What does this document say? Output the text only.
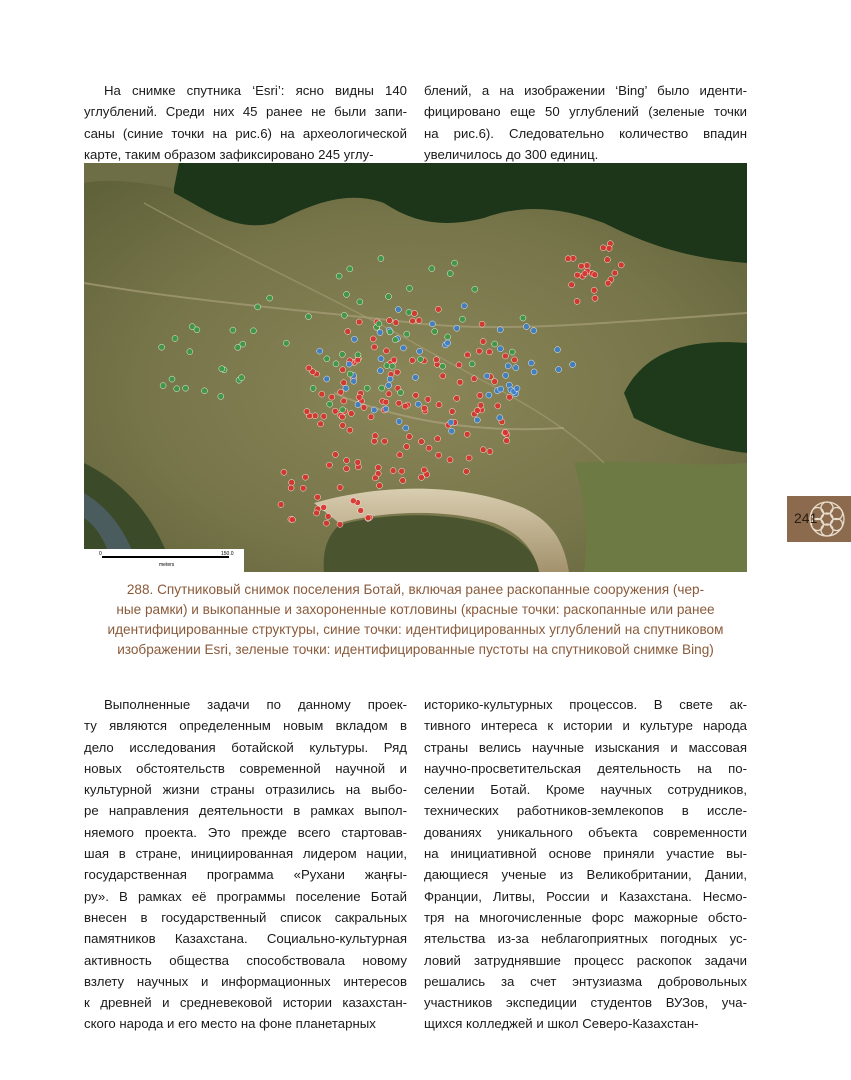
На снимке спутника ‘Esri’: ясно видны 140
углублений. Среди них 45 ранее не были запи-
саны (синие точки на рис.6) на археологической
карте, таким образом зафиксировано 245 углу-
блений, а на изображении ‘Bing’ было иденти-
фицировано еще 50 углублений (зеленые точки
на рис.6). Следовательно количество впадин
увеличилось до 300 единиц.
0	150.0
meters
288. Спутниковый снимок поселения Ботай, включая ранее раскопанные сооружения (чер-
ные рамки) и выкопанные и захороненные котловины (красные точки: раскопанные или ранее
идентифицированные структуры, синие точки: идентифицированных углублений на спутниковом
изображении Esri, зеленые точки: идентифицированные пустоты на спутниковой снимке Bing)
Выполненные задачи по данному проек-
ту являются определенным новым вкладом в
дело исследования ботайской культуры. Ряд
новых обстоятельств современной научной и
культурной жизни страны отразились на выбо-
ре направления деятельности в рамках выпол-
няемого проекта. Это прежде всего стартовав-
шая в стране, инициированная лидером нации,
государственная программа «Рухани жаңғы-
ру». В рамках её программы поселение Ботай
внесен в государственный список сакральных
памятников Казахстана. Социально-культурная
активность общества способствовала новому
взлету научных и информационных интересов
к древней и средневековой истории казахстан-
ского народа и его место на фоне планетарных
историко-культурных процессов. В свете ак-
тивного интереса к истории и культуре народа
страны велись научные изыскания и массовая
научно-просветительская деятельность на по-
селении Ботай. Кроме научных сотрудников,
технических работников-землекопов в иссле-
дованиях уникального объекта современности
на инициативной основе приняли участие вы-
дающиеся ученые из Великобритании, Дании,
Франции, Литвы, России и Казахстана. Несмо-
тря на многочисленные форс мажорные обсто-
ятельства из-за неблагоприятных погодных ус-
ловий затруднявшие процесс раскопок задачи
решались за счет энтузиазма добровольных
участников экспедиции студентов ВУЗов, уча-
щихся колледжей и школ Северо-Казахстан-
241
